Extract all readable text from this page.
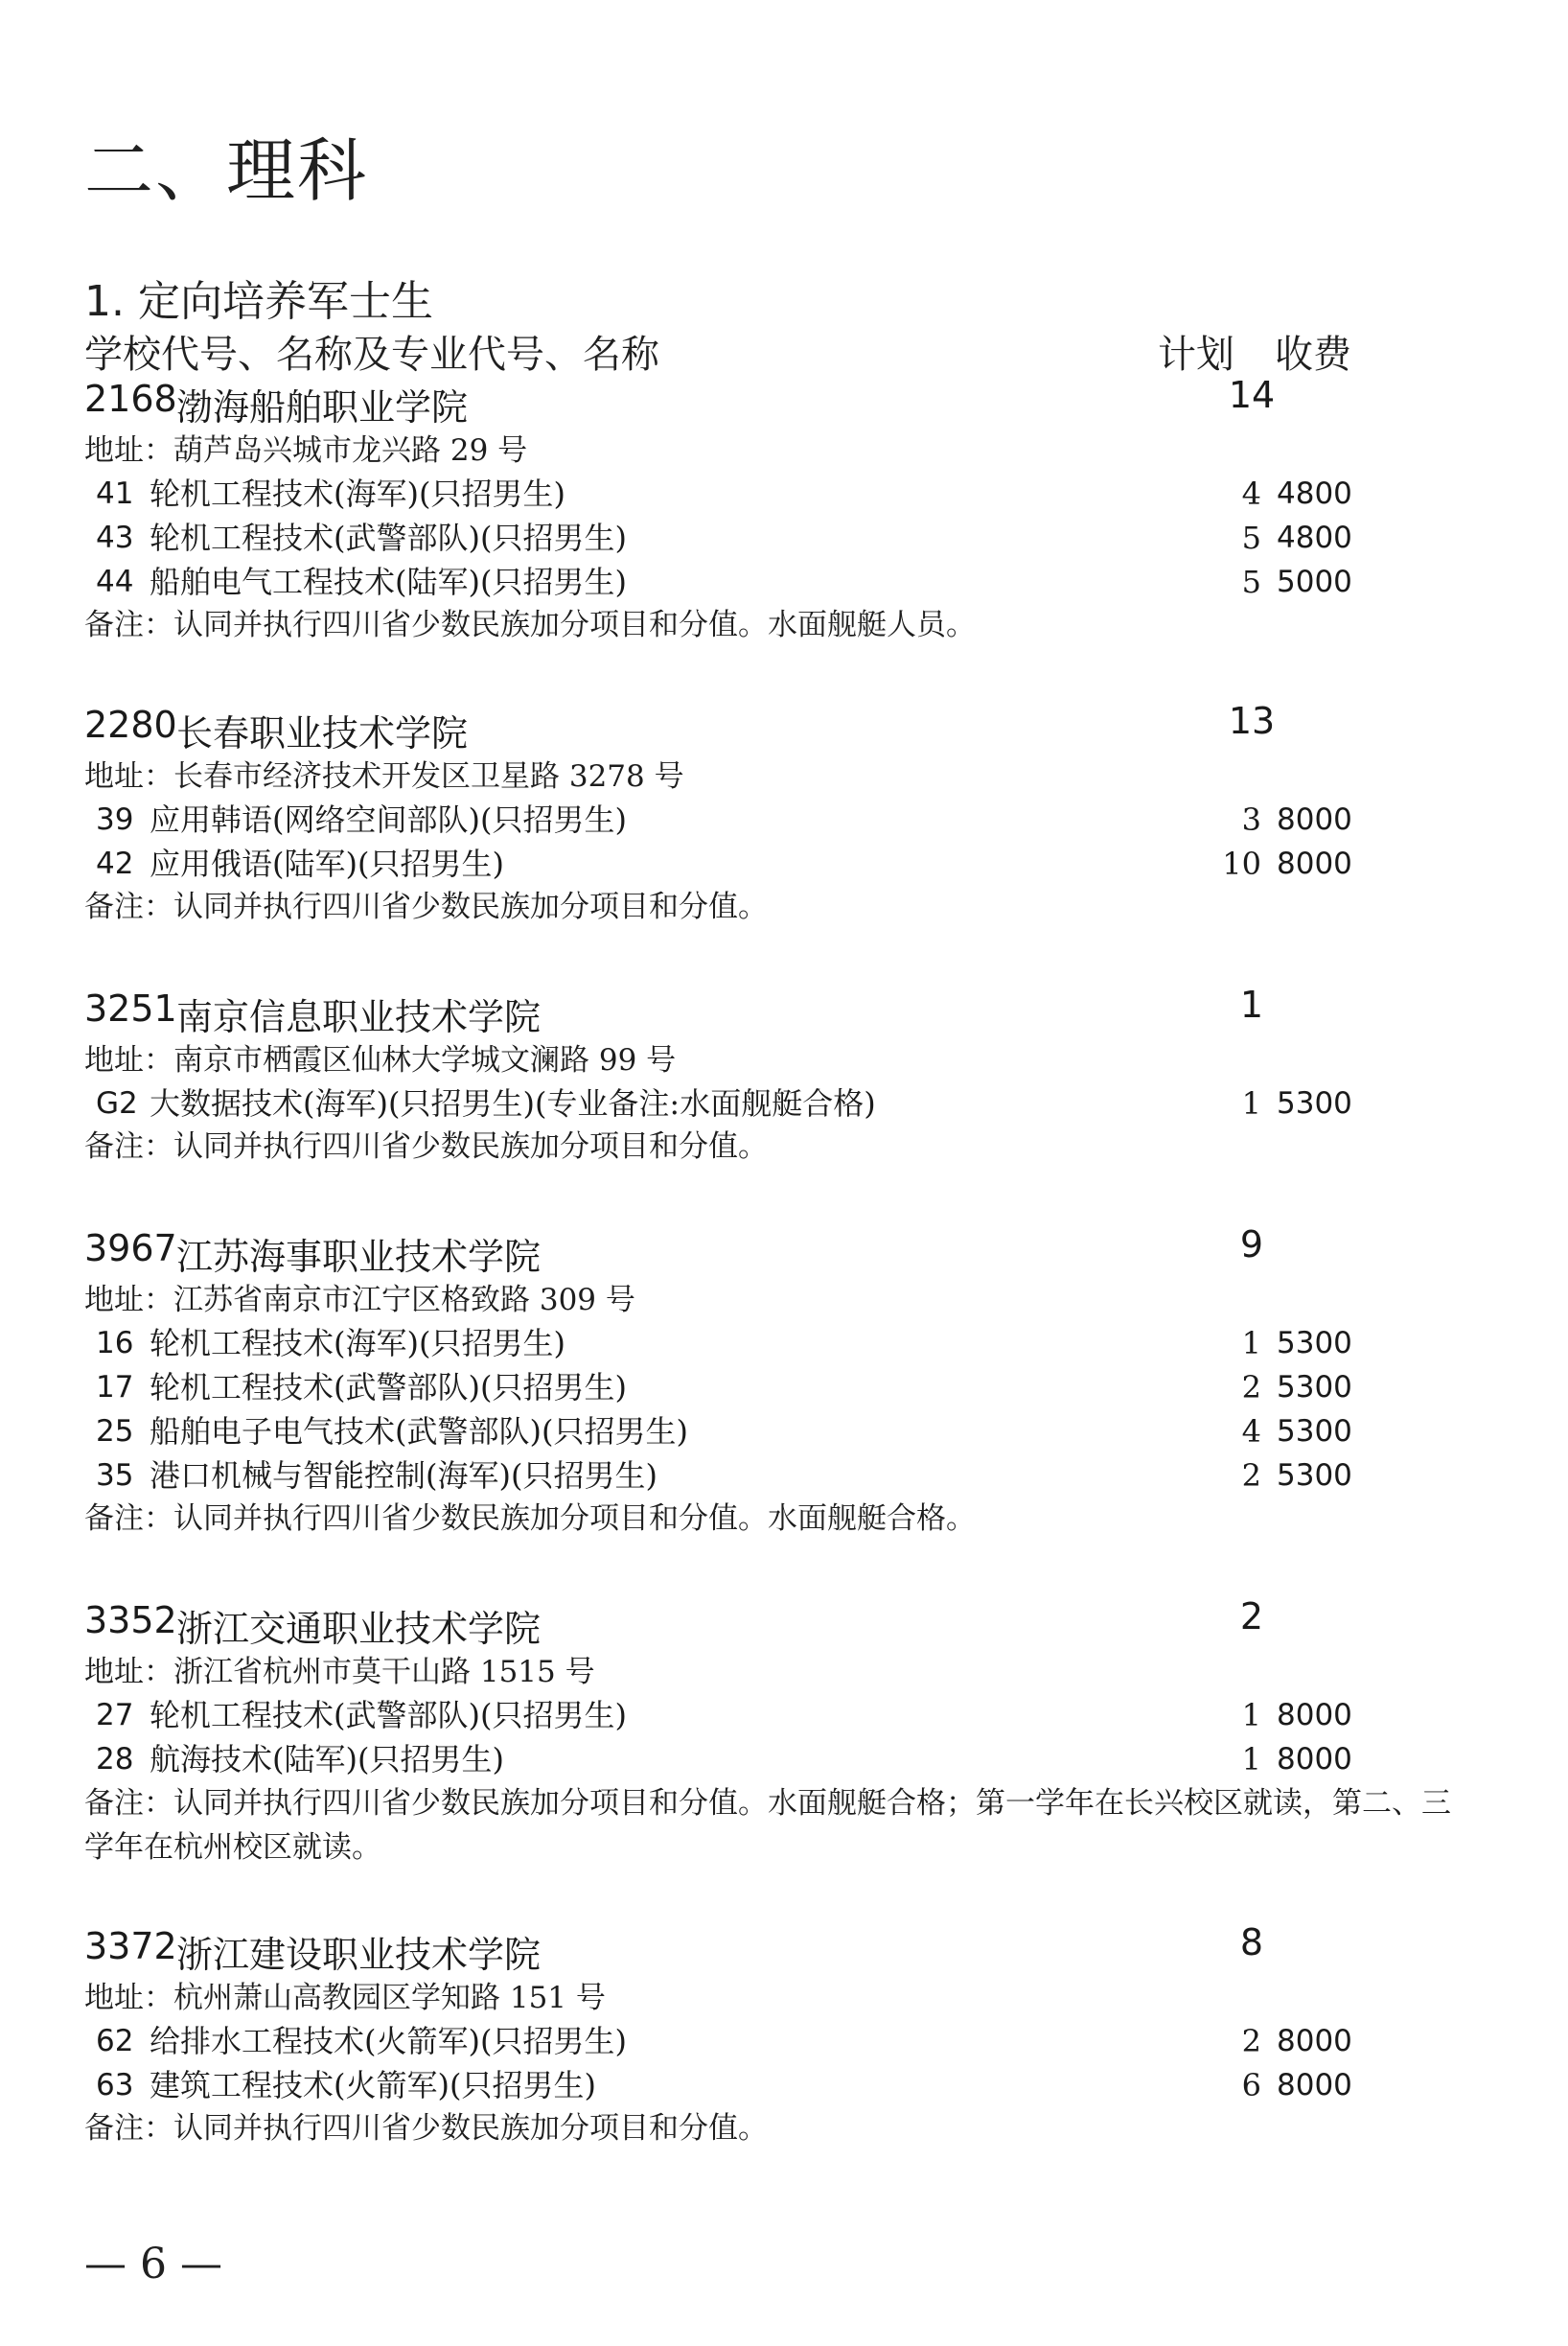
二、理科
1. 定向培养军士生
学校代号、名称及专业代号、名称	计划 收费
2168 渤海船舶职业学院	14
地址：葫芦岛兴城市龙兴路 29 号
41 轮机工程技术(海军)(只招男生)	4 4800
43 轮机工程技术(武警部队)(只招男生)	5 4800
44 船舶电气工程技术(陆军)(只招男生)	5 5000
备注：认同并执行四川省少数民族加分项目和分值。水面舰艇人员。
2280 长春职业技术学院	13
地址：长春市经济技术开发区卫星路 3278 号
39 应用韩语(网络空间部队)(只招男生)	3 8000
42 应用俄语(陆军)(只招男生)	10 8000
备注：认同并执行四川省少数民族加分项目和分值。
3251 南京信息职业技术学院	1
地址：南京市栖霞区仙林大学城文澜路 99 号
G2 大数据技术(海军)(只招男生)(专业备注:水面舰艇合格)	1 5300
备注：认同并执行四川省少数民族加分项目和分值。
3967 江苏海事职业技术学院	9
地址：江苏省南京市江宁区格致路 309 号
16 轮机工程技术(海军)(只招男生)	1 5300
17 轮机工程技术(武警部队)(只招男生)	2 5300
25 船舶电子电气技术(武警部队)(只招男生)	4 5300
35 港口机械与智能控制(海军)(只招男生)	2 5300
备注：认同并执行四川省少数民族加分项目和分值。水面舰艇合格。
3352 浙江交通职业技术学院	2
地址：浙江省杭州市莫干山路 1515 号
27 轮机工程技术(武警部队)(只招男生)	1 8000
28 航海技术(陆军)(只招男生)	1 8000
备注：认同并执行四川省少数民族加分项目和分值。水面舰艇合格；第一学年在长兴校区就读，第二、三学年在杭州校区就读。
3372 浙江建设职业技术学院	8
地址：杭州萧山高教园区学知路 151 号
62 给排水工程技术(火箭军)(只招男生)	2 8000
63 建筑工程技术(火箭军)(只招男生)	6 8000
备注：认同并执行四川省少数民族加分项目和分值。
— 6 —
